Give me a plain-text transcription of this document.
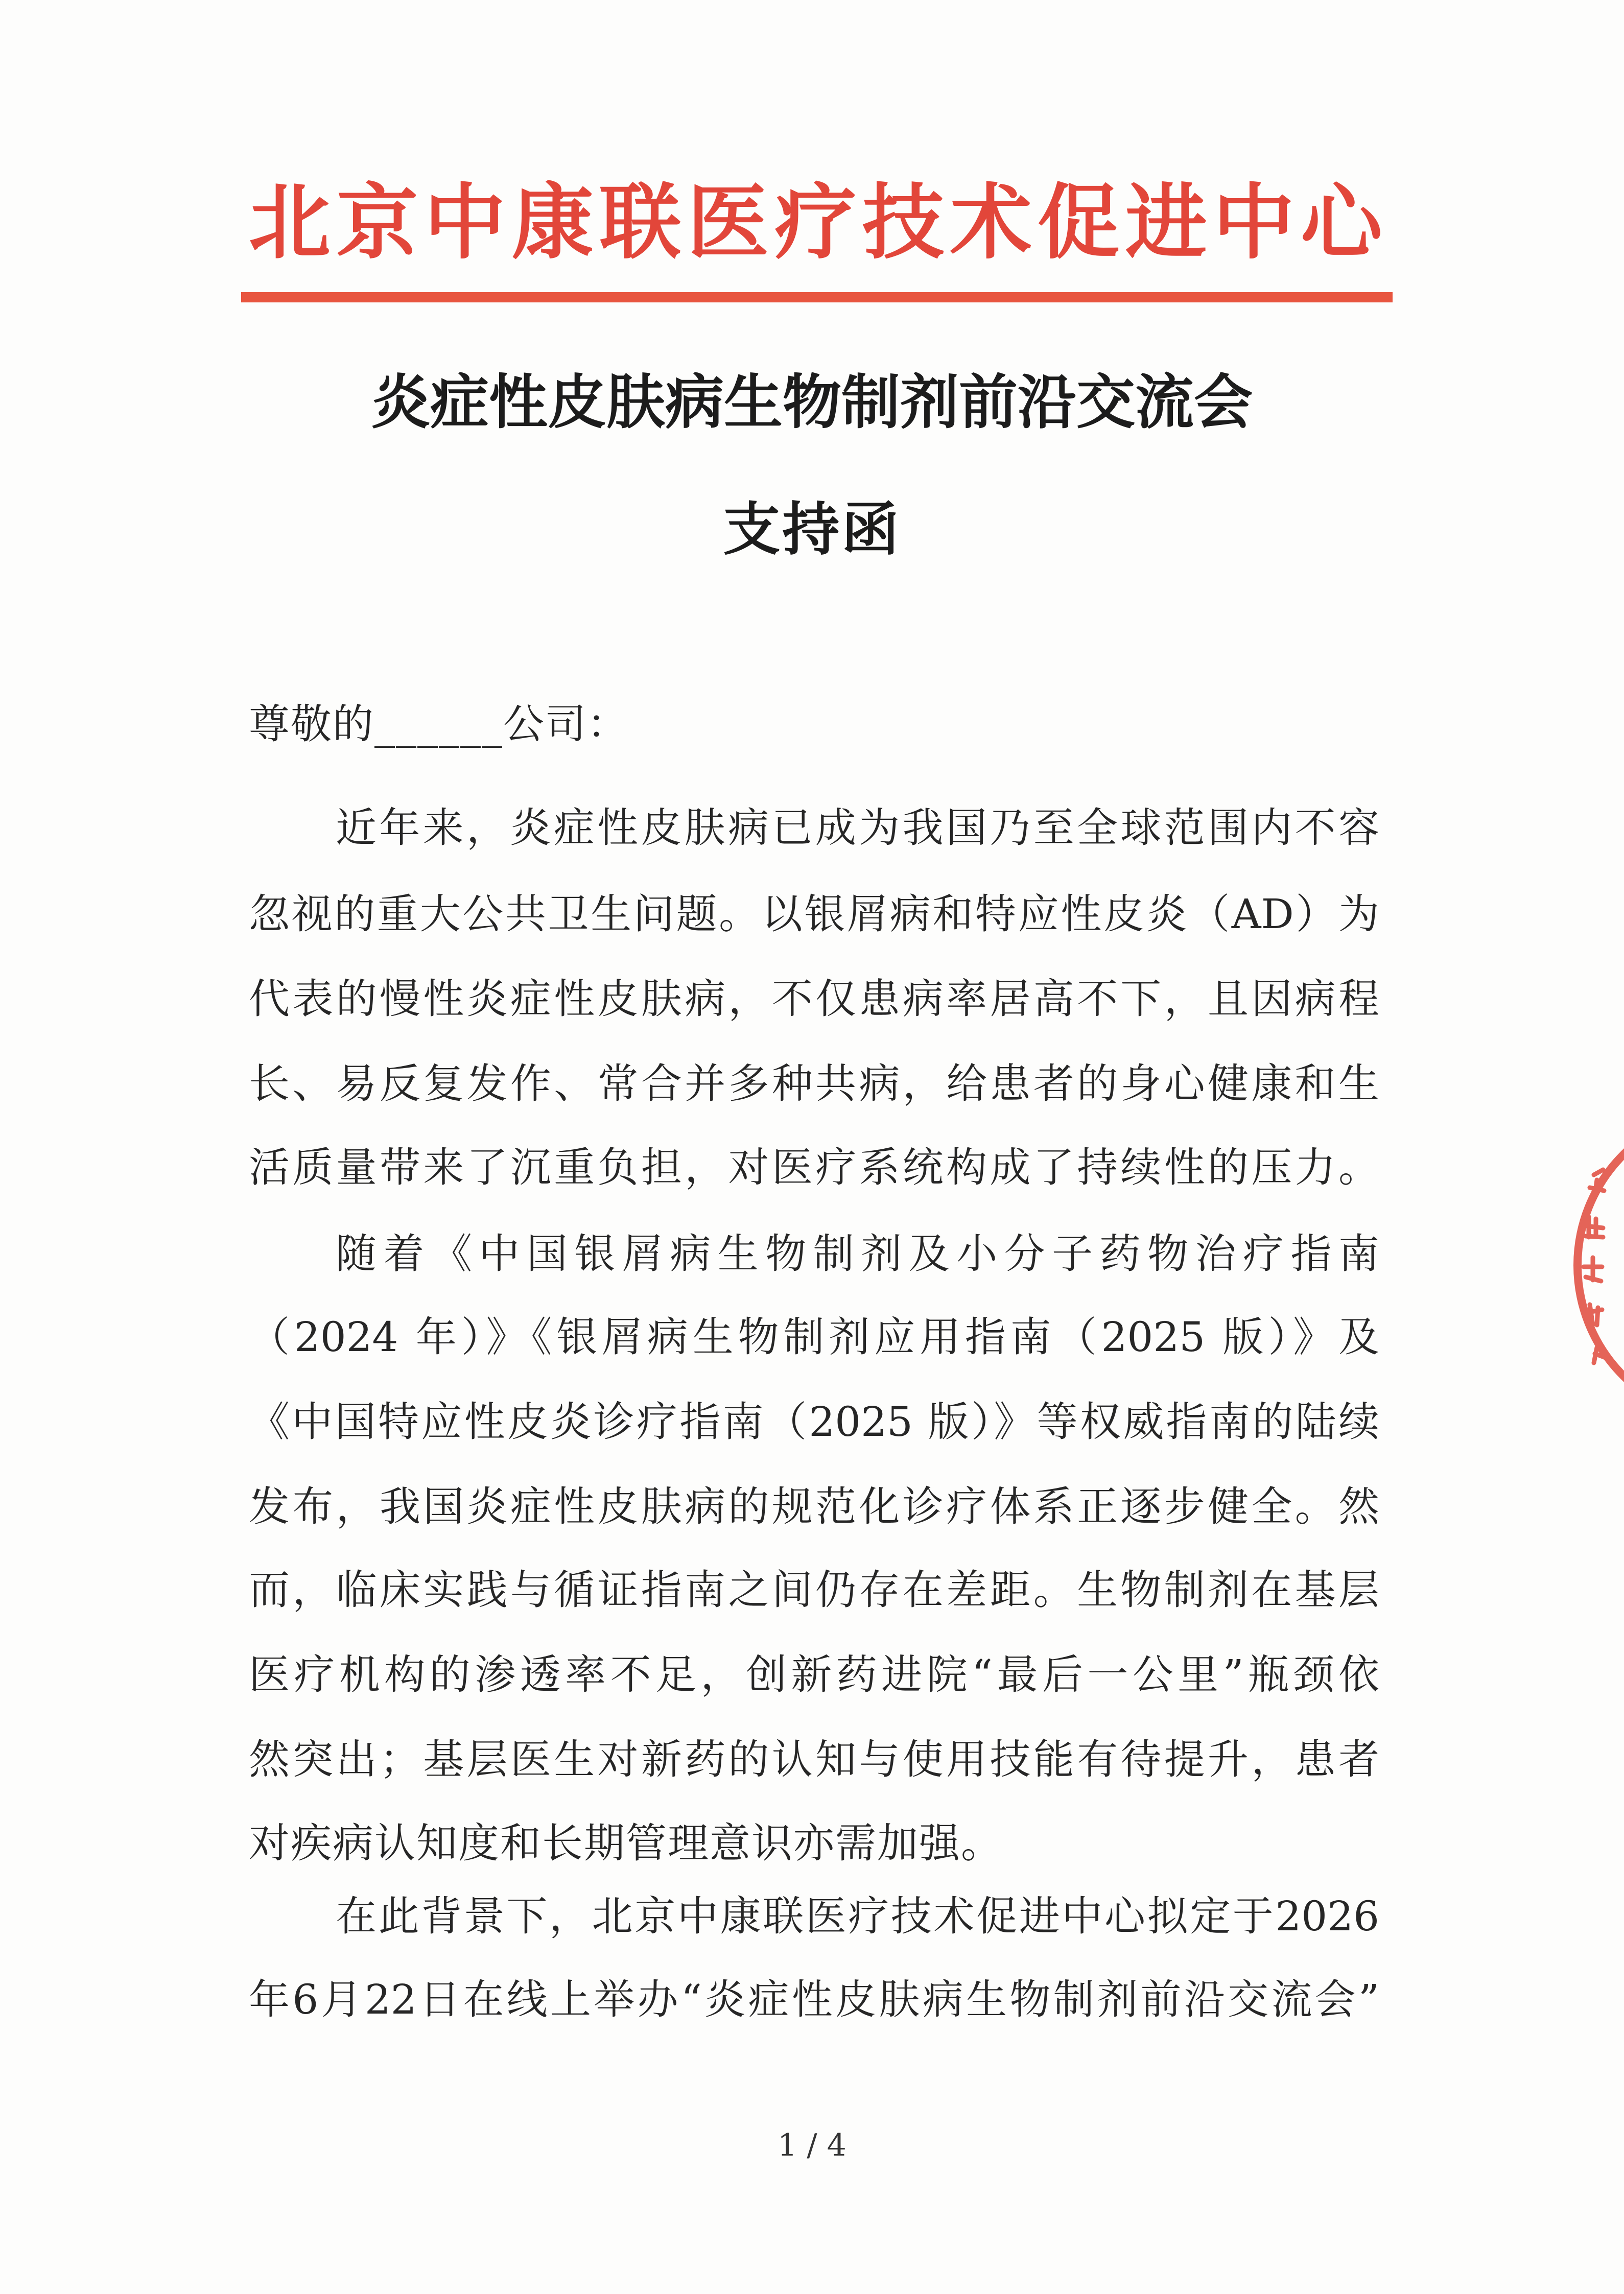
北京中康联医疗技术促进中心
炎症性皮肤病生物制剂前沿交流会
支持函
尊敬的______公司：
近年来，炎症性皮肤病已成为我国乃至全球范围内不容
忽视的重大公共卫生问题。以银屑病和特应性皮炎（AD）为
代表的慢性炎症性皮肤病，不仅患病率居高不下，且因病程
长、易反复发作、常合并多种共病，给患者的身心健康和生
活质量带来了沉重负担，对医疗系统构成了持续性的压力。
随着《中国银屑病生物制剂及小分子药物治疗指南
（2024 年）》《银屑病生物制剂应用指南（2025 版）》及
《中国特应性皮炎诊疗指南（2025 版）》等权威指南的陆续
发布，我国炎症性皮肤病的规范化诊疗体系正逐步健全。然
而，临床实践与循证指南之间仍存在差距。生物制剂在基层
医疗机构的渗透率不足，创新药进院“最后一公里”瓶颈依
然突出；基层医生对新药的认知与使用技能有待提升，患者
对疾病认知度和长期管理意识亦需加强。
在此背景下，北京中康联医疗技术促进中心拟定于2026
年6月22日在线上举办“炎症性皮肤病生物制剂前沿交流会”
1 / 4
